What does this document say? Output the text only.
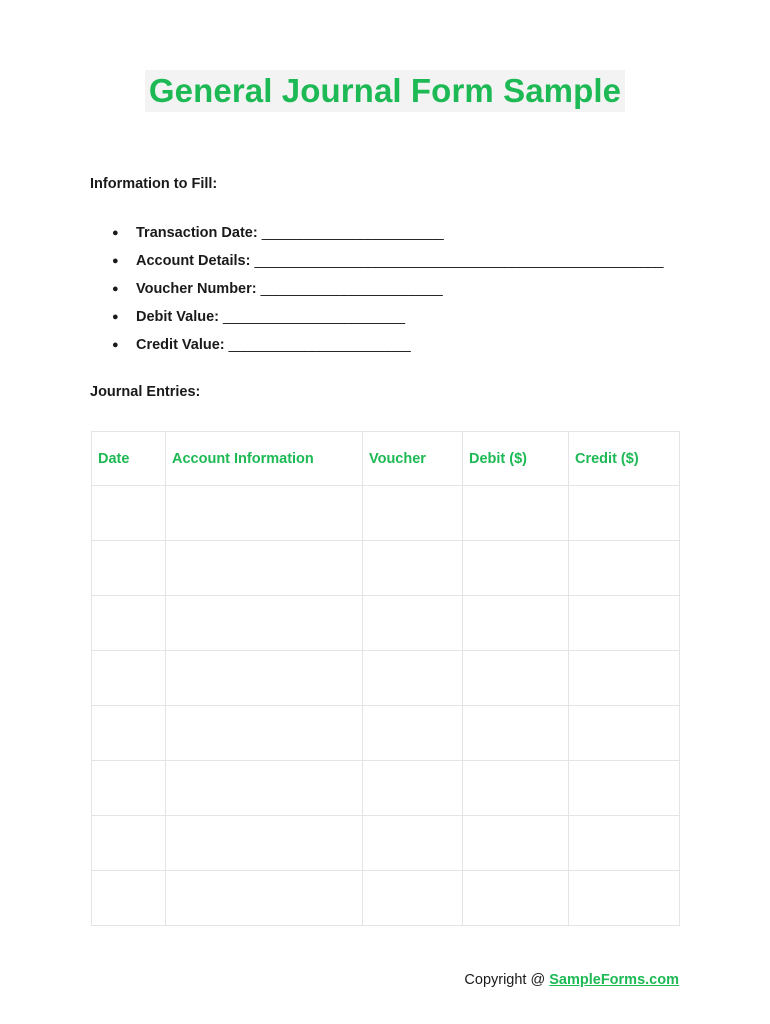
General Journal Form Sample
Information to Fill:
● Transaction Date: ________________________
● Account Details: ______________________________________________________
● Voucher Number: ________________________
● Debit Value: ________________________
● Credit Value: ________________________
Journal Entries:
Date	Account Information	Voucher	Debit ($)	Credit ($)

Copyright @ SampleForms.com
